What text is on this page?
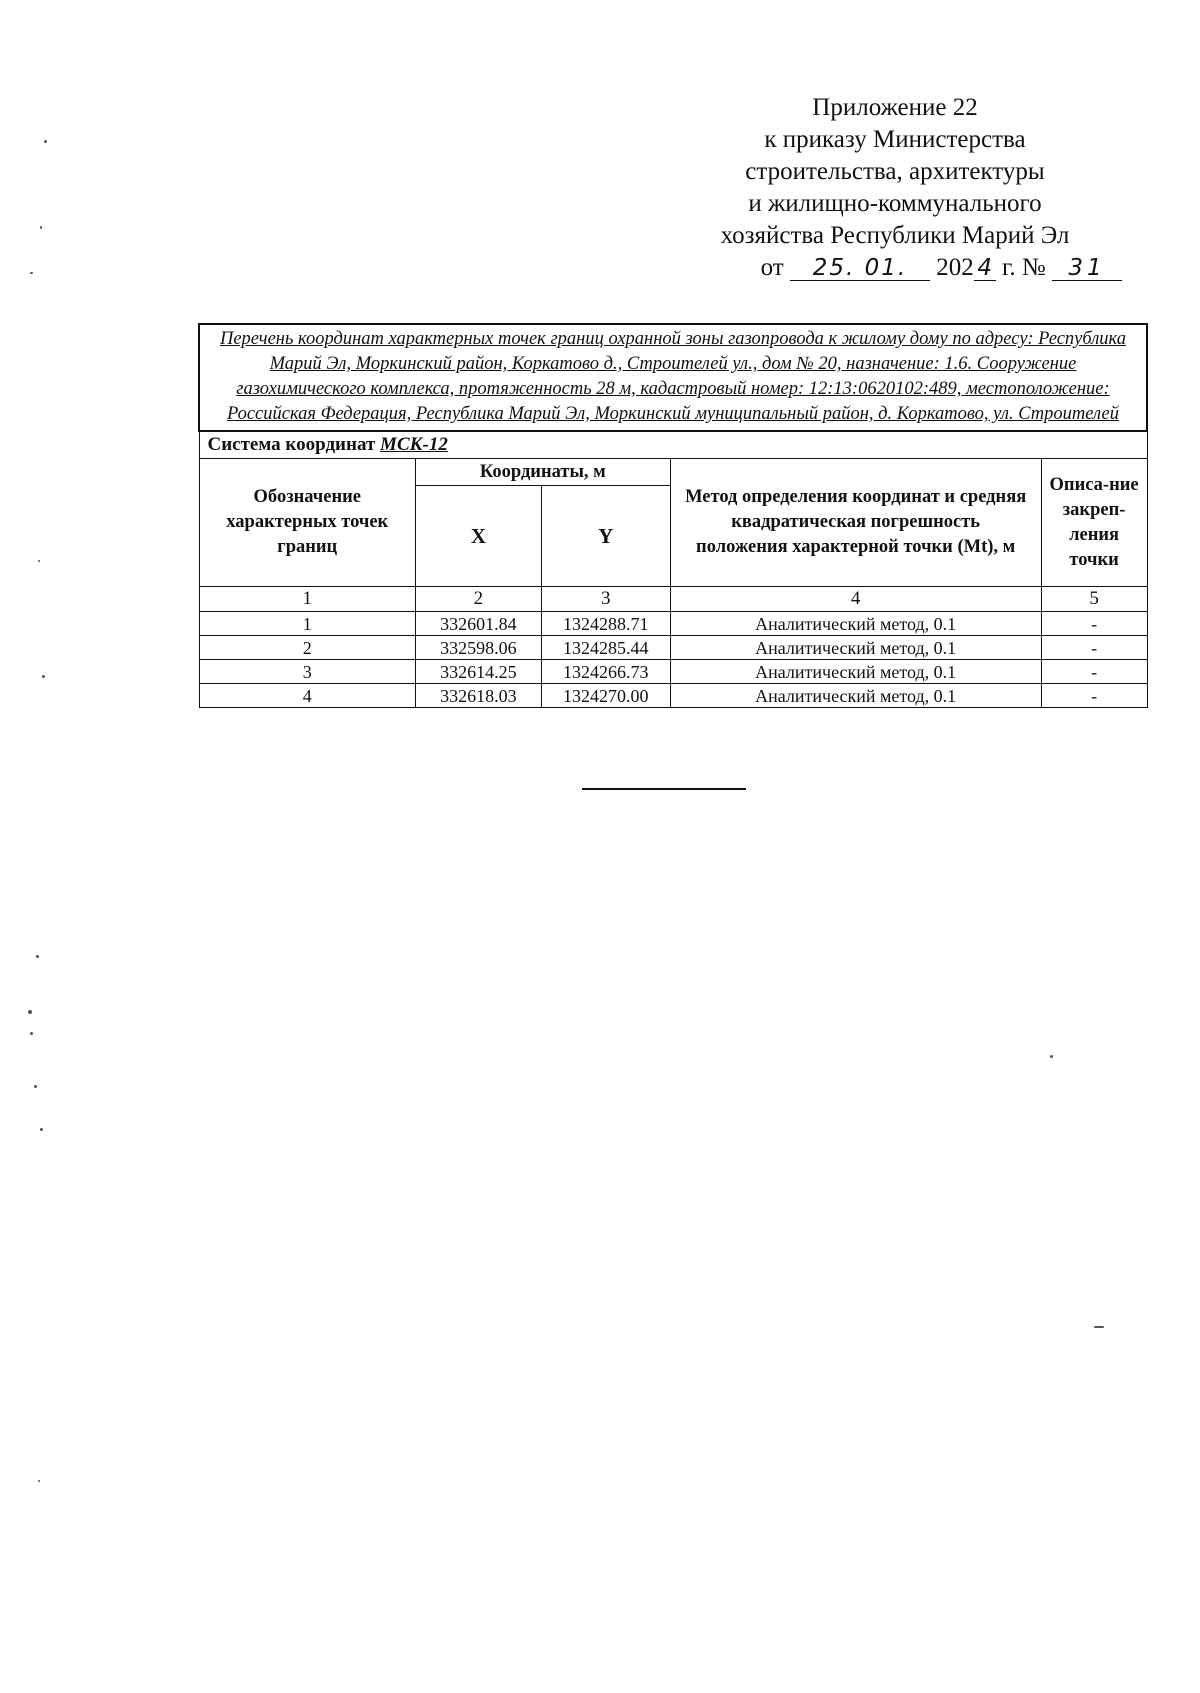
Приложение 22
к приказу Министерства
строительства, архитектуры
и жилищно-коммунального
хозяйства Республики Марий Эл
от 25. 01. 202 4 г. № 31
Перечень координат характерных точек границ охранной зоны газопровода к жилому дому по адресу: Республика Марий Эл, Моркинский район, Коркатово д., Строителей ул., дом № 20, назначение: 1.6. Сооружение газохимического комплекса, протяженность 28 м, кадастровый номер: 12:13:0620102:489, местоположение: Российская Федерация, Республика Марий Эл, Моркинский муниципальный район, д. Коркатово, ул. Строителей				
Система координат МСК-12				
Обозначение характерных точек границ	Координаты, м		Метод определения координат и средняя квадратическая погрешность положения характерной точки (Mt), м	Описа-ние закреп-ления точки
	X	Y		
1	2	3	4	5
1	332601.84	1324288.71	Аналитический метод, 0.1	-
2	332598.06	1324285.44	Аналитический метод, 0.1	-
3	332614.25	1324266.73	Аналитический метод, 0.1	-
4	332618.03	1324270.00	Аналитический метод, 0.1	-
